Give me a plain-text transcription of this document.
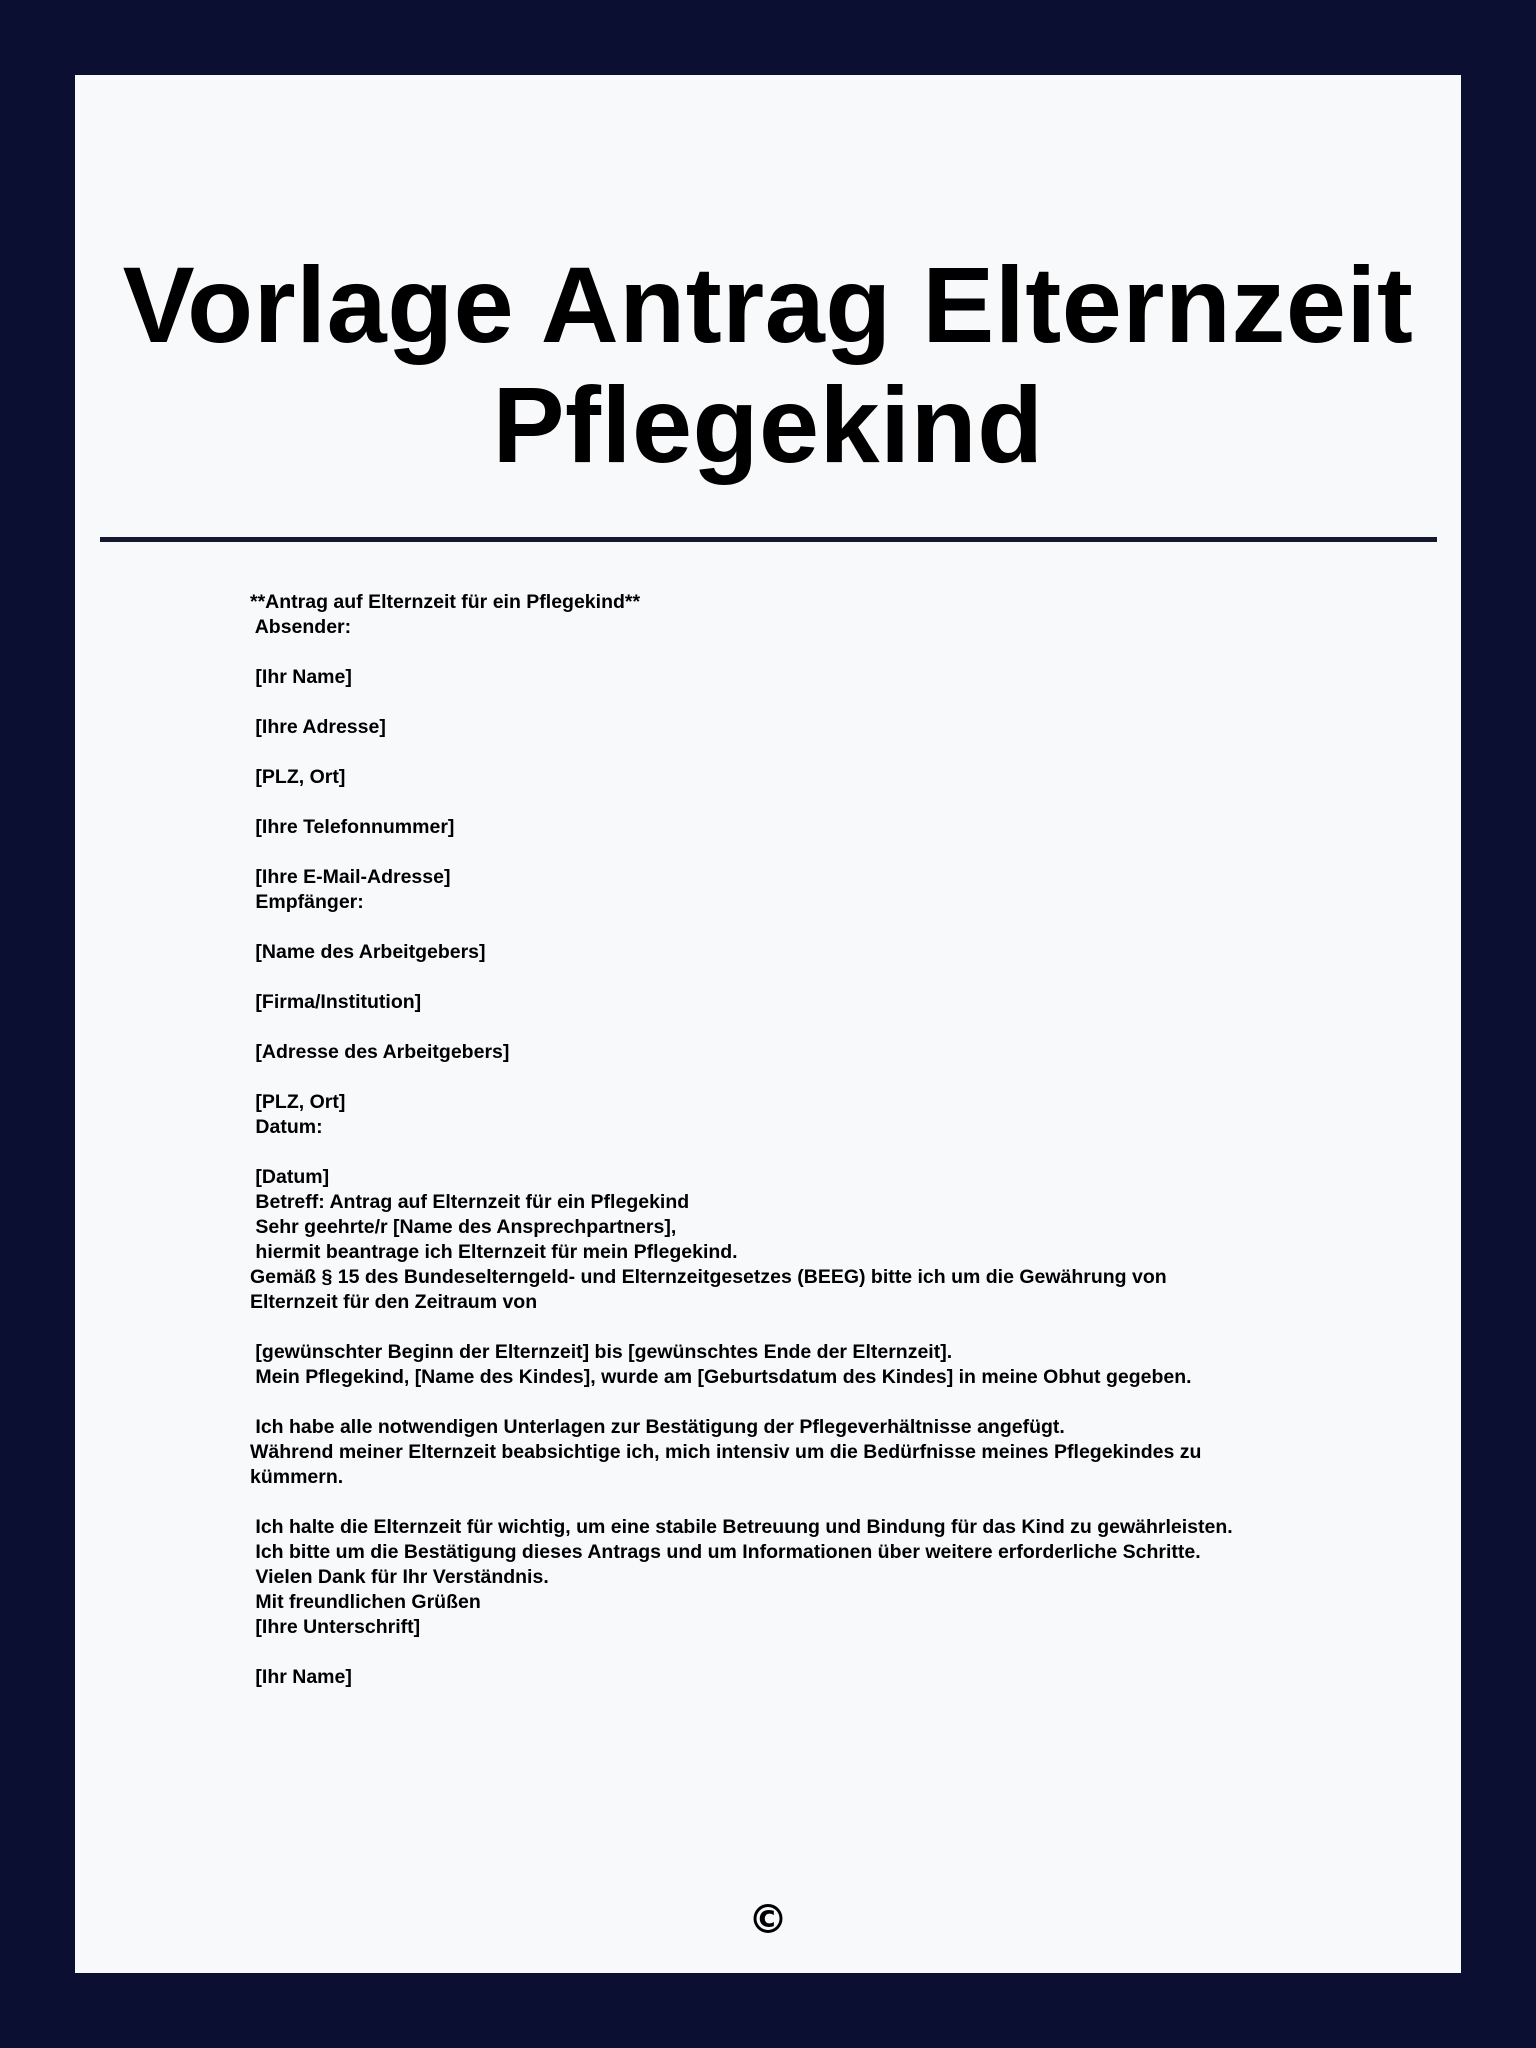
Vorlage Antrag Elternzeit
Pflegekind
**Antrag auf Elternzeit für ein Pflegekind**
Absender:
[Ihr Name]
[Ihre Adresse]
[PLZ, Ort]
[Ihre Telefonnummer]
[Ihre E-Mail-Adresse]
Empfänger:
[Name des Arbeitgebers]
[Firma/Institution]
[Adresse des Arbeitgebers]
[PLZ, Ort]
Datum:
[Datum]
Betreff: Antrag auf Elternzeit für ein Pflegekind
Sehr geehrte/r [Name des Ansprechpartners],
hiermit beantrage ich Elternzeit für mein Pflegekind.
Gemäß § 15 des Bundeselterngeld- und Elternzeitgesetzes (BEEG) bitte ich um die Gewährung von
Elternzeit für den Zeitraum von
[gewünschter Beginn der Elternzeit] bis [gewünschtes Ende der Elternzeit].
Mein Pflegekind, [Name des Kindes], wurde am [Geburtsdatum des Kindes] in meine Obhut gegeben.
Ich habe alle notwendigen Unterlagen zur Bestätigung der Pflegeverhältnisse angefügt.
Während meiner Elternzeit beabsichtige ich, mich intensiv um die Bedürfnisse meines Pflegekindes zu
kümmern.
Ich halte die Elternzeit für wichtig, um eine stabile Betreuung und Bindung für das Kind zu gewährleisten.
Ich bitte um die Bestätigung dieses Antrags und um Informationen über weitere erforderliche Schritte.
Vielen Dank für Ihr Verständnis.
Mit freundlichen Grüßen
[Ihre Unterschrift]
[Ihr Name]
©
